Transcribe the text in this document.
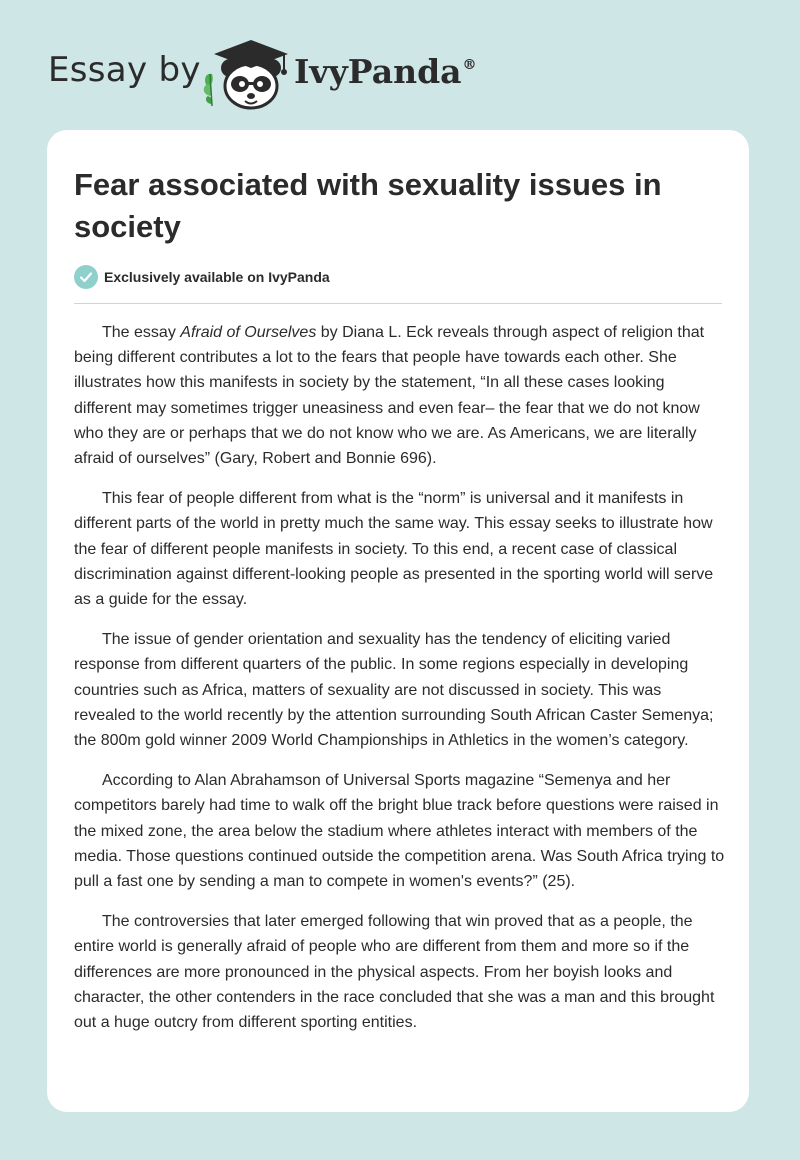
Essay by	IvyPanda®
Fear associated with sexuality issues in society
Exclusively available on IvyPanda

The essay Afraid of Ourselves by Diana L. Eck reveals through aspect of religion that being different contributes a lot to the fears that people have towards each other. She illustrates how this manifests in society by the statement, “In all these cases looking different may sometimes trigger uneasiness and even fear– the fear that we do not know who they are or perhaps that we do not know who we are. As Americans, we are literally afraid of ourselves” (Gary, Robert and Bonnie 696).

This fear of people different from what is the “norm” is universal and it manifests in different parts of the world in pretty much the same way. This essay seeks to illustrate how the fear of different people manifests in society. To this end, a recent case of classical discrimination against different-looking people as presented in the sporting world will serve as a guide for the essay.

The issue of gender orientation and sexuality has the tendency of eliciting varied response from different quarters of the public. In some regions especially in developing countries such as Africa, matters of sexuality are not discussed in society. This was revealed to the world recently by the attention surrounding South African Caster Semenya; the 800m gold winner 2009 World Championships in Athletics in the women’s category.

According to Alan Abrahamson of Universal Sports magazine “Semenya and her competitors barely had time to walk off the bright blue track before questions were raised in the mixed zone, the area below the stadium where athletes interact with members of the media. Those questions continued outside the competition arena. Was South Africa trying to pull a fast one by sending a man to compete in women's events?” (25).

The controversies that later emerged following that win proved that as a people, the entire world is generally afraid of people who are different from them and more so if the differences are more pronounced in the physical aspects. From her boyish looks and character, the other contenders in the race concluded that she was a man and this brought out a huge outcry from different sporting entities.
